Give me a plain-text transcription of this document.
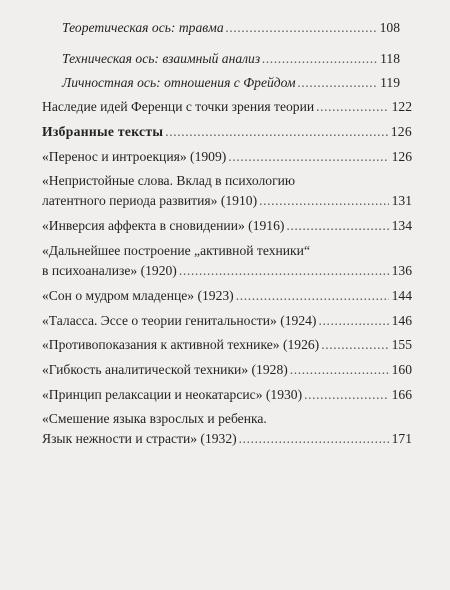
Теоретическая ось: травма . . .	108
Техническая ось: взаимный анализ . . .	118
Личностная ось: отношения с Фрейдом . . .	119
Наследие идей Ференци с точки зрения теории . . .	122
Избранные тексты . . .	126
«Перенос и интроекция» (1909) . . .	126
«Непристойные слова. Вклад в психологию
латентного периода развития» (1910) . . .	131
«Инверсия аффекта в сновидении» (1916) . . .	134
«Дальнейшее построение „активной техники“
в психоанализе» (1920) . . .	136
«Сон о мудром младенце» (1923) . . .	144
«Таласса. Эссе о теории генитальности» (1924) . . .	146
«Противопоказания к активной технике» (1926) . . .	155
«Гибкость аналитической техники» (1928) . . .	160
«Принцип релаксации и неокатарсис» (1930) . . .	166
«Смешение языка взрослых и ребенка.
Язык нежности и страсти» (1932) . . .	171
